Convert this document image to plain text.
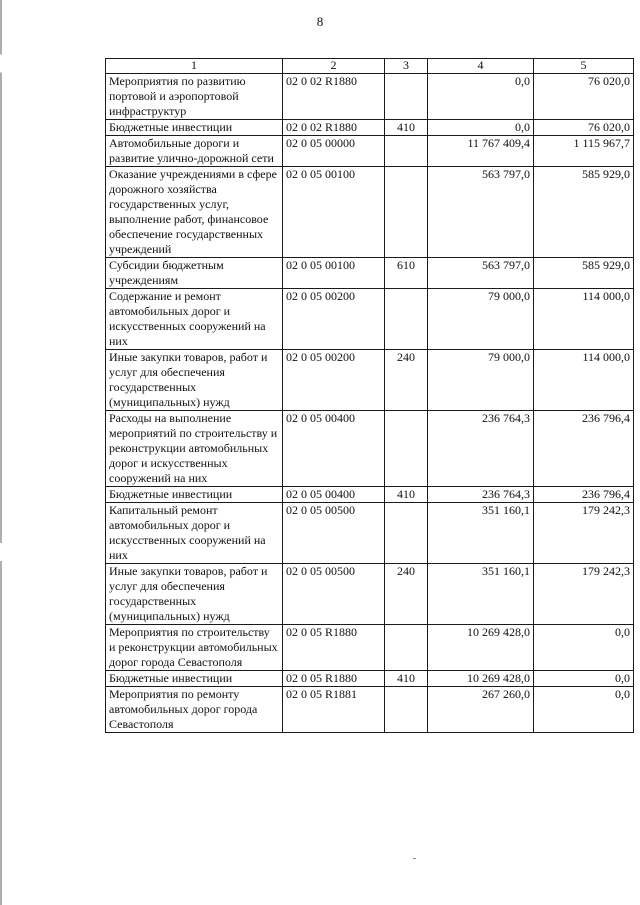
8
1	2	3	4	5
Мероприятия по развитию портовой и аэропортовой инфраструктур	02 0 02 R1880		0,0	76 020,0
Бюджетные инвестиции	02 0 02 R1880	410	0,0	76 020,0
Автомобильные дороги и развитие улично-дорожной сети	02 0 05 00000		11 767 409,4	1 115 967,7
Оказание учреждениями в сфере дорожного хозяйства государственных услуг, выполнение работ, финансовое обеспечение государственных учреждений	02 0 05 00100		563 797,0	585 929,0
Субсидии бюджетным учреждениям	02 0 05 00100	610	563 797,0	585 929,0
Содержание и ремонт автомобильных дорог и искусственных сооружений на них	02 0 05 00200		79 000,0	114 000,0
Иные закупки товаров, работ и услуг для обеспечения государственных (муниципальных) нужд	02 0 05 00200	240	79 000,0	114 000,0
Расходы на выполнение мероприятий по строительству и реконструкции автомобильных дорог и искусственных сооружений на них	02 0 05 00400		236 764,3	236 796,4
Бюджетные инвестиции	02 0 05 00400	410	236 764,3	236 796,4
Капитальный ремонт автомобильных дорог и искусственных сооружений на них	02 0 05 00500		351 160,1	179 242,3
Иные закупки товаров, работ и услуг для обеспечения государственных (муниципальных) нужд	02 0 05 00500	240	351 160,1	179 242,3
Мероприятия по строительству и реконструкции автомобильных дорог города Севастополя	02 0 05 R1880		10 269 428,0	0,0
Бюджетные инвестиции	02 0 05 R1880	410	10 269 428,0	0,0
Мероприятия по ремонту автомобильных дорог города Севастополя	02 0 05 R1881		267 260,0	0,0
